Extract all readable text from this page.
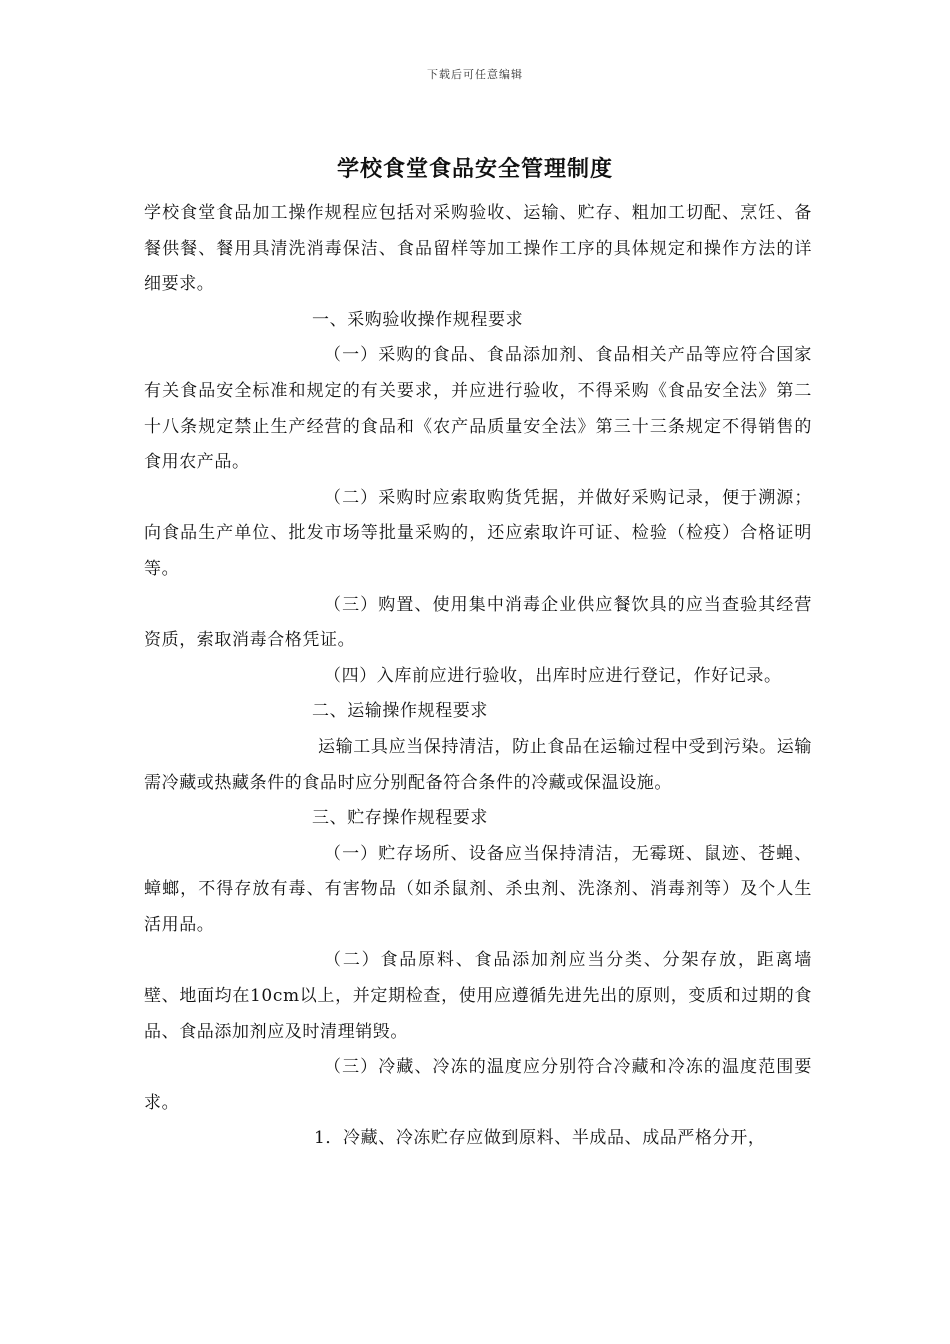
下载后可任意编辑
学校食堂食品安全管理制度

学校食堂食品加工操作规程应包括对采购验收、运输、贮存、粗加工切配、烹饪、备餐供餐、餐用具清洗消毒保洁、食品留样等加工操作工序的具体规定和操作方法的详细要求。

一、采购验收操作规程要求

（一）采购的食品、食品添加剂、食品相关产品等应符合国家有关食品安全标准和规定的有关要求，并应进行验收，不得采购《食品安全法》第二十八条规定禁止生产经营的食品和《农产品质量安全法》第三十三条规定不得销售的食用农产品。

（二）采购时应索取购货凭据，并做好采购记录，便于溯源；向食品生产单位、批发市场等批量采购的，还应索取许可证、检验（检疫）合格证明等。

（三）购置、使用集中消毒企业供应餐饮具的应当查验其经营资质，索取消毒合格凭证。

（四）入库前应进行验收，出库时应进行登记，作好记录。

二、运输操作规程要求

运输工具应当保持清洁，防止食品在运输过程中受到污染。运输需冷藏或热藏条件的食品时应分别配备符合条件的冷藏或保温设施。

三、贮存操作规程要求

（一）贮存场所、设备应当保持清洁，无霉斑、鼠迹、苍蝇、蟑螂，不得存放有毒、有害物品（如杀鼠剂、杀虫剂、洗涤剂、消毒剂等）及个人生活用品。

（二）食品原料、食品添加剂应当分类、分架存放，距离墙壁、地面均在10cm以上，并定期检查，使用应遵循先进先出的原则，变质和过期的食品、食品添加剂应及时清理销毁。

（三）冷藏、冷冻的温度应分别符合冷藏和冷冻的温度范围要求。

1．冷藏、冷冻贮存应做到原料、半成品、成品严格分开，
